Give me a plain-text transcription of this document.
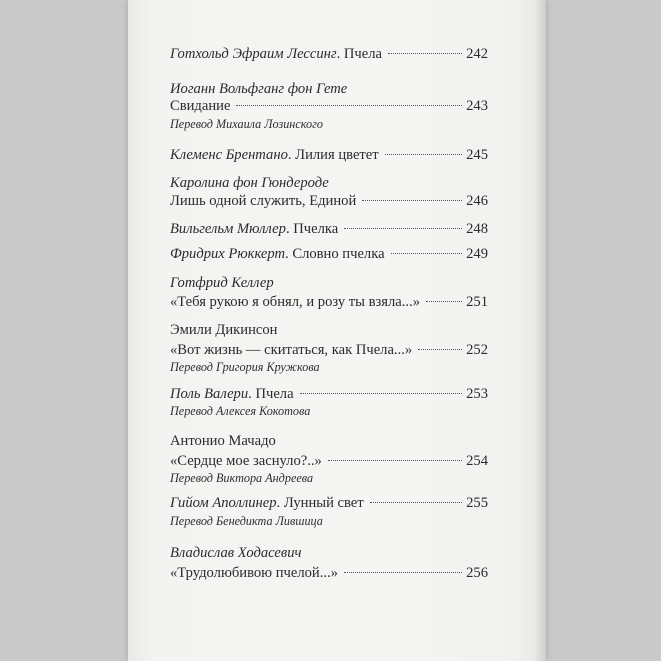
Готхольд Эфраим Лессинг . Пчела	242
Иоганн Вольфганг фон Гете
Свидание	243
Перевод Михаила Лозинского
Клеменс Брентано . Лилия цветет	245
Каролина фон Гюндероде
Лишь одной служить, Единой	246
Вильгельм Мюллер . Пчелка	248
Фридрих Рюккерт . Словно пчелка	249
Готфрид Келлер
«Тебя рукою я обнял, и розу ты взяла...»	251
Эмили Дикинсон
«Вот жизнь — скитаться, как Пчела...»	252
Перевод Григория Кружкова
Поль Валери . Пчела	253
Перевод Алексея Кокотова
Антонио Мачадо
«Сердце мое заснуло?..»	254
Перевод Виктора Андреева
Гийом Аполлинер . Лунный свет	255
Перевод Бенедикта Лившица
Владислав Ходасевич
«Трудолюбивою пчелой...»	256
